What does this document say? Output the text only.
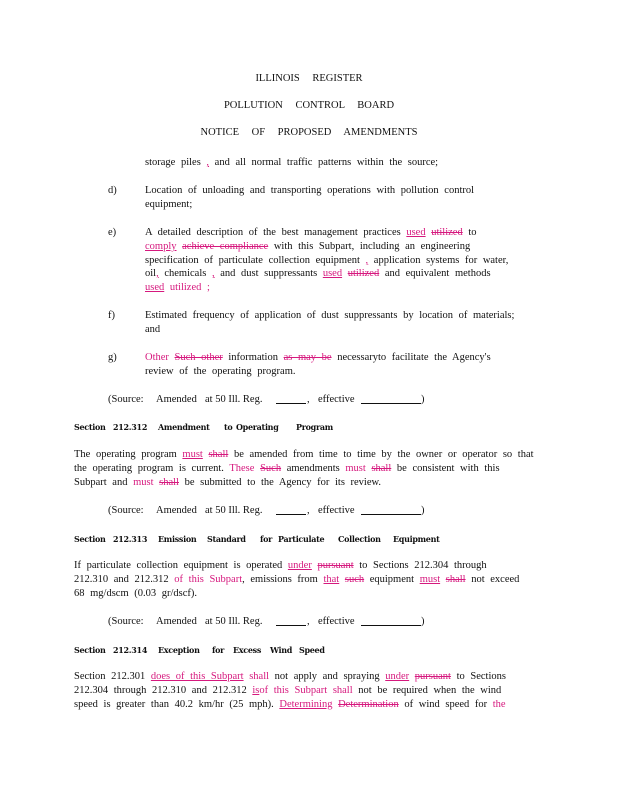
ILLINOIS REGISTER
POLLUTION CONTROL BOARD
NOTICE OF PROPOSED AMENDMENTS
storage piles , and all normal traffic patterns within the source;
d)	Location of unloading and transporting operations with pollution control
equipment;
e)	A detailed description of the best management practices used utilized to
comply achieve compliance with this Subpart, including an engineering
specification of particulate collection equipment , application systems for water,
oil, chemicals , and dust suppressants used utilized and equivalent methods
used utilized ;
f)	Estimated frequency of application of dust suppressants by location of materials;
and
g)	Other Such other information as may be necessaryto facilitate the Agency's
review of the operating program.
(Source: Amended at 50 Ill. Reg.	, effective	)
Section 212.312 Amendment to Operating Program
The operating program must shall be amended from time to time by the owner or operator so that
the operating program is current. These Such amendments must shall be consistent with this
Subpart and must shall be submitted to the Agency for its review.
(Source: Amended at 50 Ill. Reg.	, effective	)
Section 212.313 Emission Standard for Particulate Collection Equipment
If particulate collection equipment is operated under pursuant to Sections 212.304 through
212.310 and 212.312 of this Subpart, emissions from that such equipment must shall not exceed
68 mg/dscm (0.03 gr/dscf).
(Source: Amended at 50 Ill. Reg.	, effective	)
Section 212.314 Exception for Excess Wind Speed
Section 212.301 does of this Subpart shall not apply and spraying under pursuant to Sections
212.304 through 212.310 and 212.312 isof this Subpart shall not be required when the wind
speed is greater than 40.2 km/hr (25 mph). Determining Determination of wind speed for the
